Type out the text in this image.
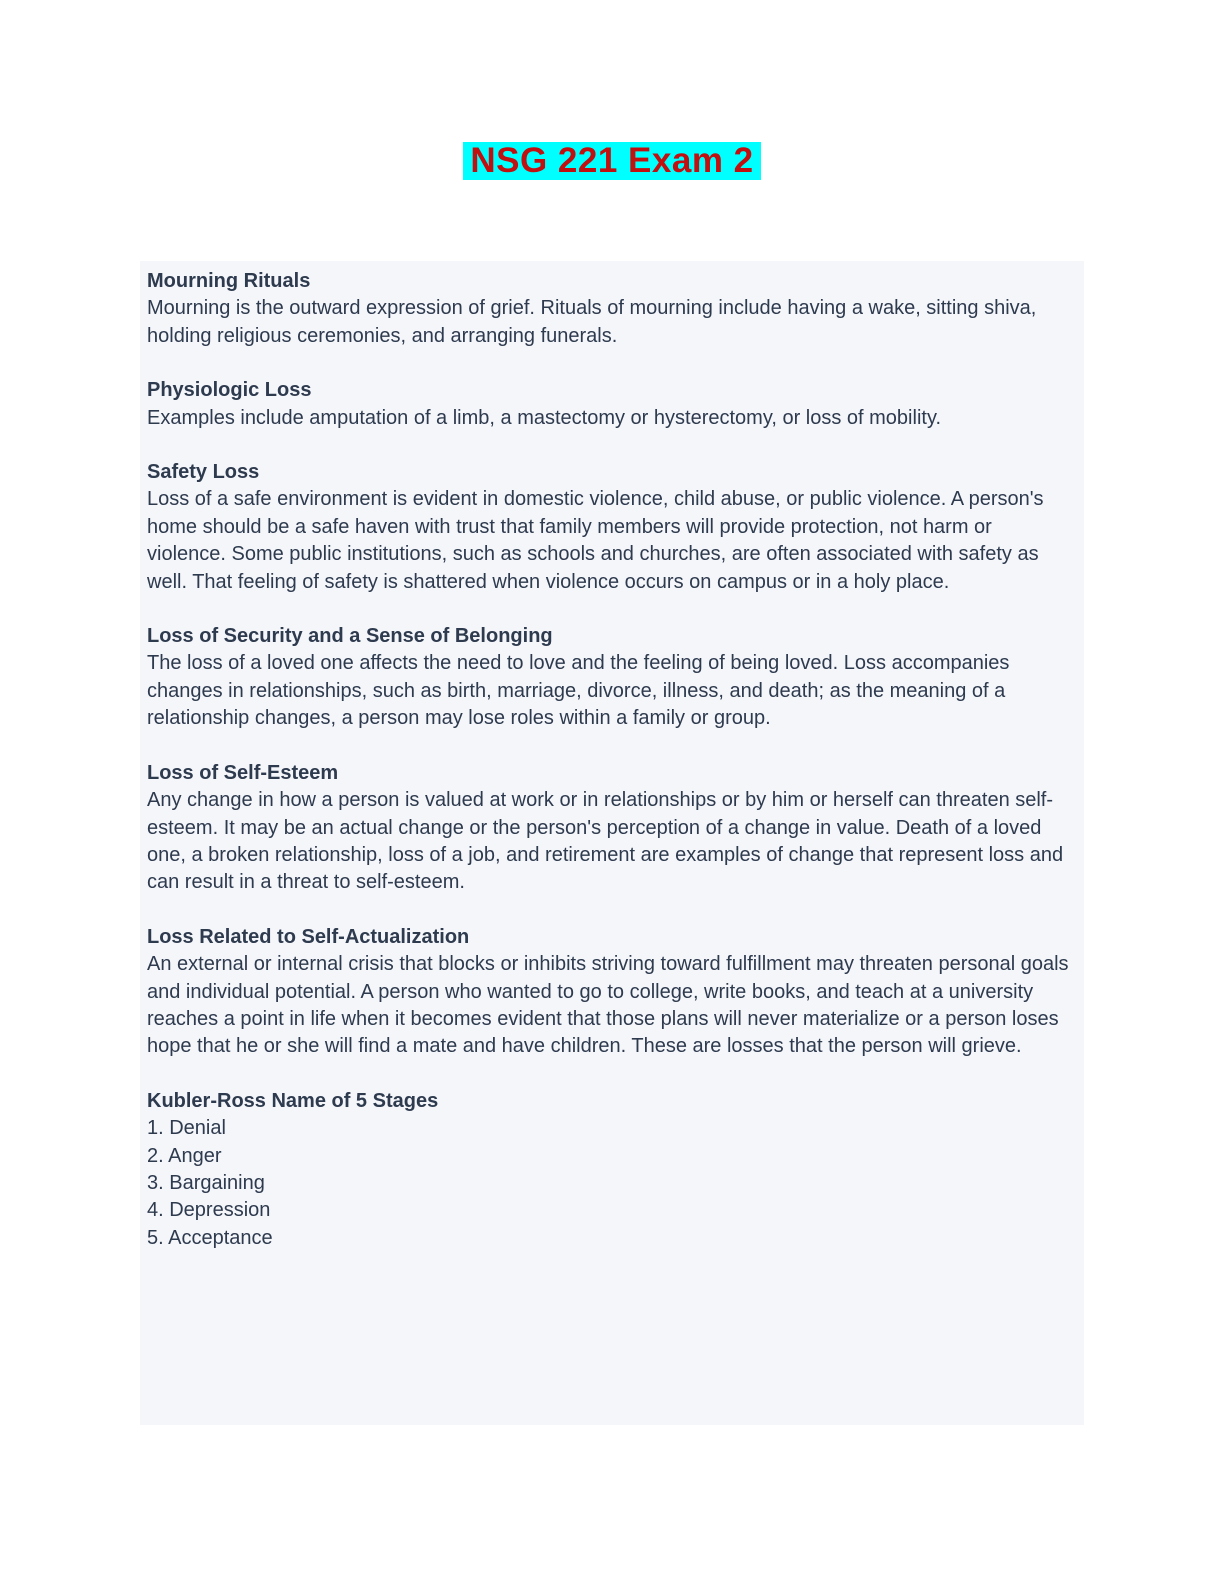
NSG 221 Exam 2
Mourning Rituals
Mourning is the outward expression of grief. Rituals of mourning include having a wake, sitting shiva, holding religious ceremonies, and arranging funerals.
Physiologic Loss
Examples include amputation of a limb, a mastectomy or hysterectomy, or loss of mobility.
Safety Loss
Loss of a safe environment is evident in domestic violence, child abuse, or public violence. A person's home should be a safe haven with trust that family members will provide protection, not harm or violence. Some public institutions, such as schools and churches, are often associated with safety as well. That feeling of safety is shattered when violence occurs on campus or in a holy place.
Loss of Security and a Sense of Belonging
The loss of a loved one affects the need to love and the feeling of being loved. Loss accompanies changes in relationships, such as birth, marriage, divorce, illness, and death; as the meaning of a relationship changes, a person may lose roles within a family or group.
Loss of Self-Esteem
Any change in how a person is valued at work or in relationships or by him or herself can threaten self-esteem. It may be an actual change or the person's perception of a change in value. Death of a loved one, a broken relationship, loss of a job, and retirement are examples of change that represent loss and can result in a threat to self-esteem.
Loss Related to Self-Actualization
An external or internal crisis that blocks or inhibits striving toward fulfillment may threaten personal goals and individual potential. A person who wanted to go to college, write books, and teach at a university reaches a point in life when it becomes evident that those plans will never materialize or a person loses hope that he or she will find a mate and have children. These are losses that the person will grieve.
Kubler-Ross Name of 5 Stages
1. Denial
2. Anger
3. Bargaining
4. Depression
5. Acceptance
